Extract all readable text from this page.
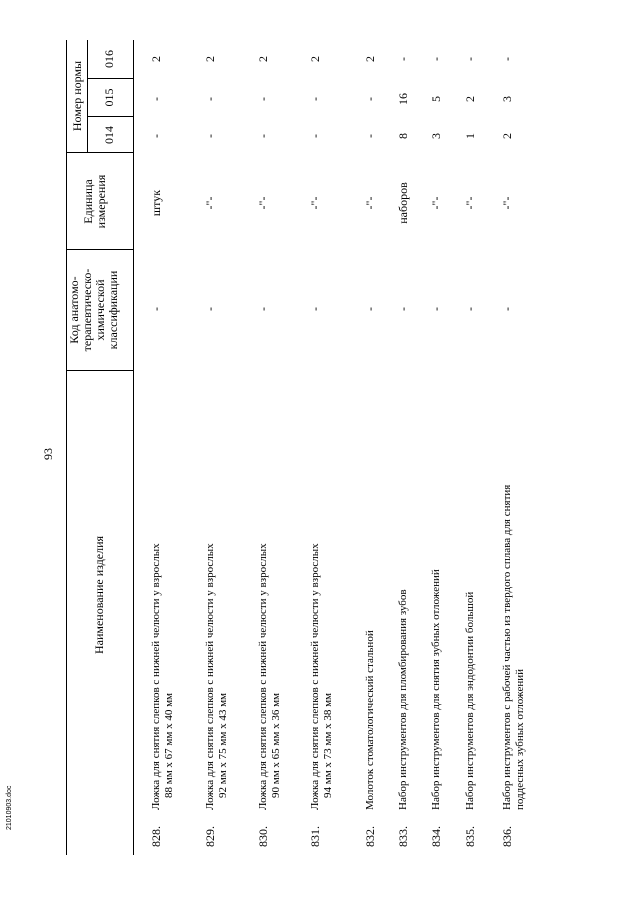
93
21010903.doc
Наименование изделия
Код анатомо- терапевтическо- химической классификации
Единица измерения
Номер нормы
014
015
016
828.
Ложка для снятия слепков с нижней челюсти у взрослых 88 мм х 67 мм х 40 мм
-
штук
-
-
2
829.
Ложка для снятия слепков с нижней челюсти у взрослых 92 мм х 75 мм х 43 мм
-
-"-
-
-
2
830.
Ложка для снятия слепков с нижней челюсти у взрослых 90 мм х 65 мм х 36 мм
-
-"-
-
-
2
831.
Ложка для снятия слепков с нижней челюсти у взрослых 94 мм х 73 мм х 38 мм
-
-"-
-
-
2
832.
Молоток стоматологический стальной
-
-"-
-
-
2
833.
Набор инструментов для пломбирования зубов
-
наборов
8
16
-
834.
Набор инструментов для снятия зубных отложений
-
-"-
3
5
-
835.
Набор инструментов для эндодонтии большой
-
-"-
1
2
-
836.
Набор инструментов с рабочей частью из твердого сплава для снятия поддесных зубных отложений
-
-"-
2
3
-
